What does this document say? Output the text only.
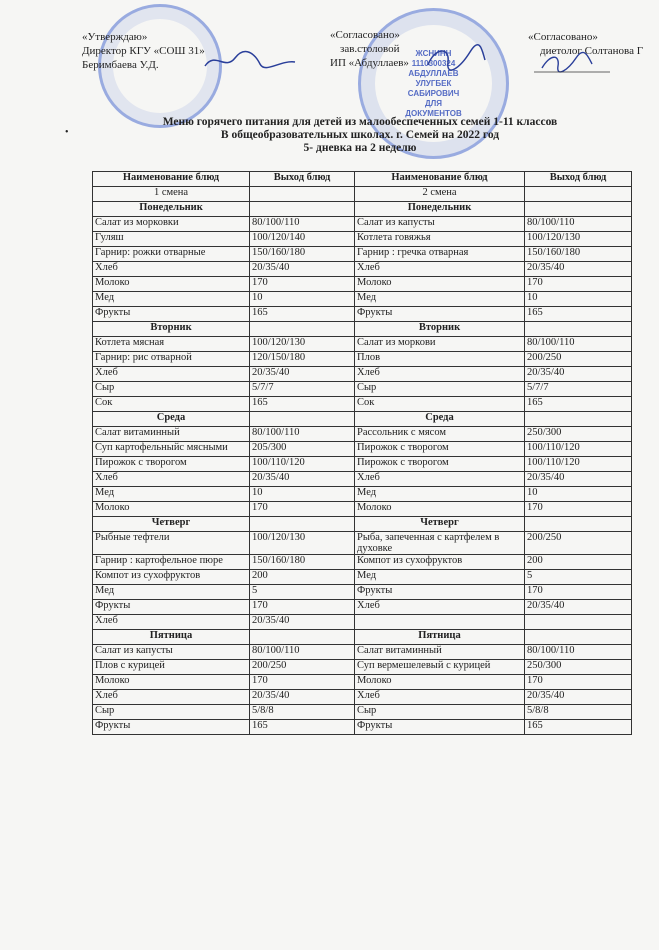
ЖСНИНН
1110300324
АБДУЛЛАЕВ
УЛУГБЕК
САБИРОВИЧ
ДЛЯ
ДОКУМЕНТОВ
«Утверждаю»
Директор КГУ «СОШ 31»
Беримбаева У.Д.
«Согласовано»
зав.столовой
ИП «Абдуллаев»
«Согласовано»
диетолог Солтанова Г
•
Меню горячего питания для детей из малообеспеченных семей 1-11 классов
В общеобразовательных школах. г. Семей на 2022 год
5- дневка на 2 неделю
Наименование блюд	Выход блюд	Наименование блюд	Выход блюд
1 смена		2 смена	
Понедельник		Понедельник	
Салат из морковки	80/100/110	Салат из капусты	80/100/110
Гуляш	100/120/140	Котлета говяжья	100/120/130
Гарнир: рожки отварные	150/160/180	Гарнир : гречка отварная	150/160/180
Хлеб	20/35/40	Хлеб	20/35/40
Молоко	170	Молоко	170
Мед	10	Мед	10
Фрукты	165	Фрукты	165
Вторник		Вторник	
Котлета мясная	100/120/130	Салат из моркови	80/100/110
Гарнир: рис отварной	120/150/180	Плов	200/250
Хлеб	20/35/40	Хлеб	20/35/40
Сыр	5/7/7	Сыр	5/7/7
Сок	165	Сок	165
Среда		Среда	
Салат витаминный	80/100/110	Рассольник с мясом	250/300
Суп картофельныйс мясными	205/300	Пирожок с творогом	100/110/120
Пирожок с творогом	100/110/120	Пирожок с творогом	100/110/120
Хлеб	20/35/40	Хлеб	20/35/40
Мед	10	Мед	10
Молоко	170	Молоко	170
Четверг		Четверг	
Рыбные тефтели	100/120/130	Рыба, запеченная с картфелем в духовке	200/250
Гарнир : картофельное пюре	150/160/180	Компот из сухофруктов	200
Компот из сухофруктов	200	Мед	5
Мед	5	Фрукты	170
Фрукты	170	Хлеб	20/35/40
Хлеб	20/35/40		
Пятница		Пятница	
Салат из капусты	80/100/110	Салат витаминный	80/100/110
Плов с курицей	200/250	Суп вермешелевый с курицей	250/300
Молоко	170	Молоко	170
Хлеб	20/35/40	Хлеб	20/35/40
Сыр	5/8/8	Сыр	5/8/8
Фрукты	165	Фрукты	165
